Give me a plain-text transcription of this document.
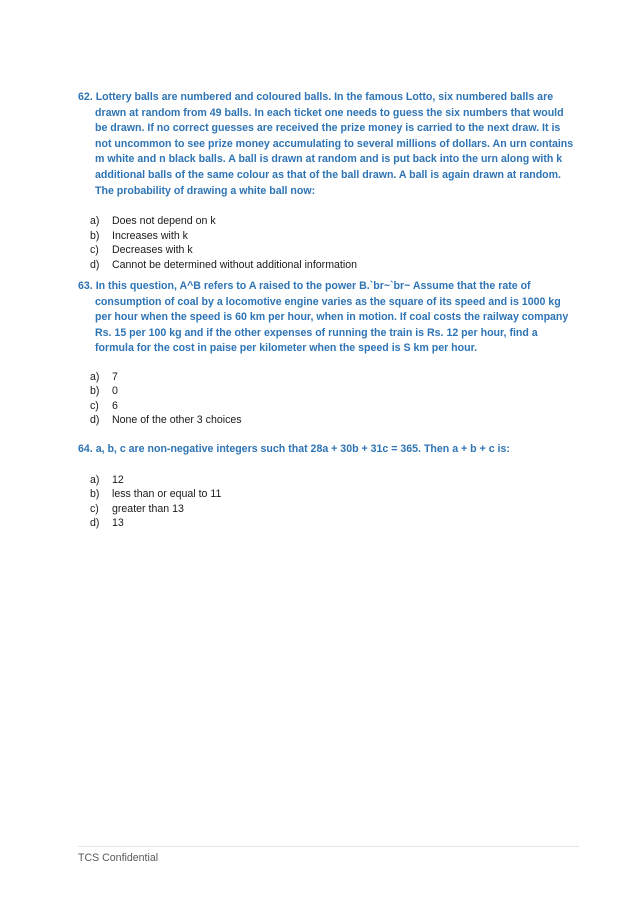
62. Lottery balls are numbered and coloured balls. In the famous Lotto, six numbered balls are drawn at random from 49 balls. In each ticket one needs to guess the six numbers that would be drawn. If no correct guesses are received the prize money is carried to the next draw. It is not uncommon to see prize money accumulating to several millions of dollars. An urn contains m white and n black balls. A ball is drawn at random and is put back into the urn along with k additional balls of the same colour as that of the ball drawn. A ball is again drawn at random. The probability of drawing a white ball now:

a)	Does not depend on k
b)	Increases with k
c)	Decreases with k
d)	Cannot be determined without additional information

63. In this question, A^B refers to A raised to the power B.`br~`br~ Assume that the rate of consumption of coal by a locomotive engine varies as the square of its speed and is 1000 kg per hour when the speed is 60 km per hour, when in motion. If coal costs the railway company Rs. 15 per 100 kg and if the other expenses of running the train is Rs. 12 per hour, find a formula for the cost in paise per kilometer when the speed is S km per hour.

a)	7
b)	0
c)	6
d)	None of the other 3 choices

64. a, b, c are non-negative integers such that 28a + 30b + 31c = 365. Then a + b + c is:

a)	12
b)	less than or equal to 11
c)	greater than 13
d)	13
TCS Confidential
